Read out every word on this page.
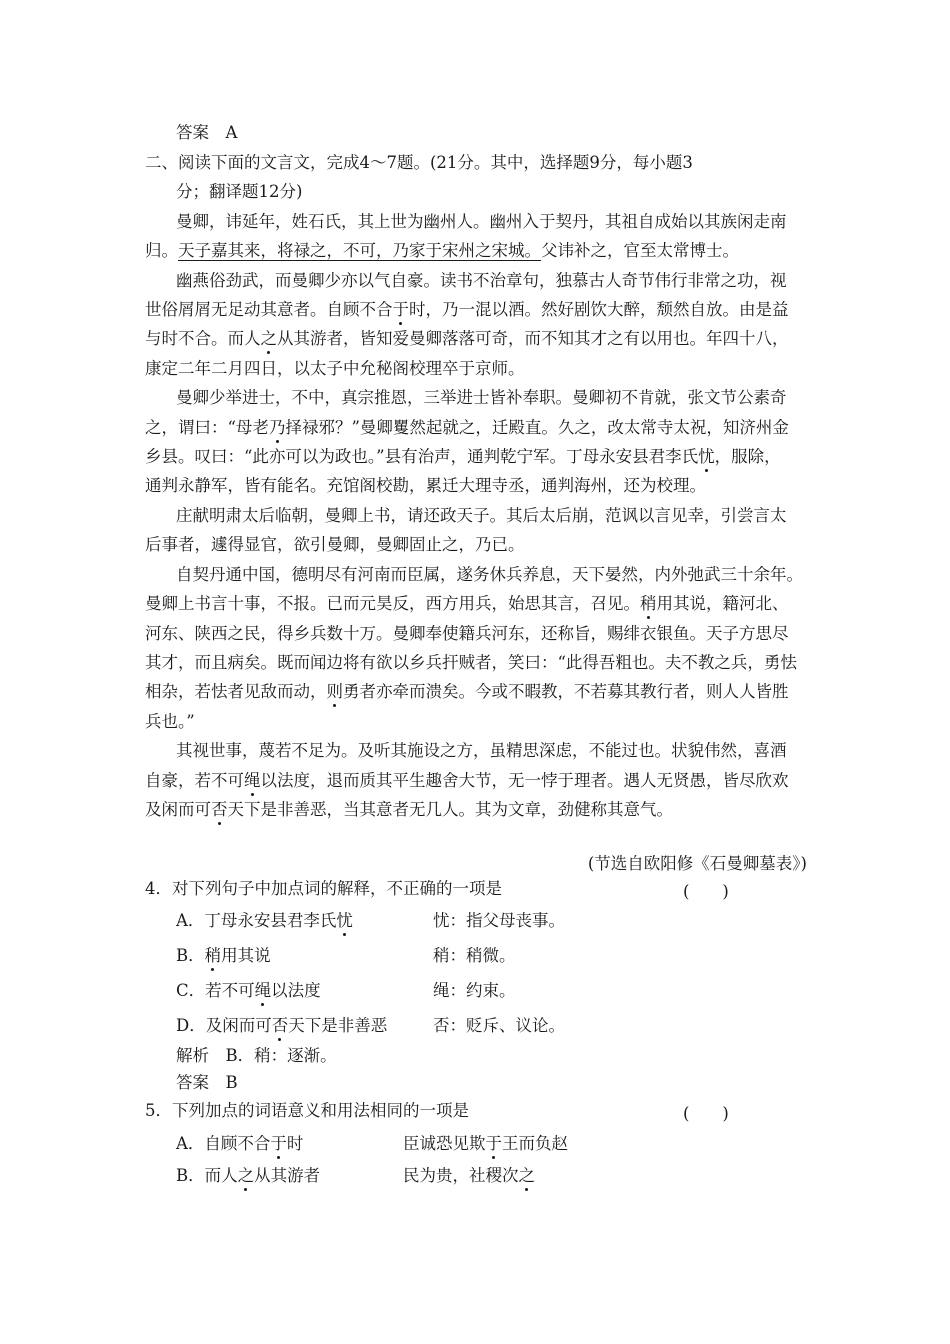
答案　A
二、阅读下面的文言文，完成4～7题。(21分。其中，选择题9分，每小题3
分；翻译题12分)
曼卿，讳延年，姓石氏，其上世为幽州人。幽州入于契丹，其祖自成始以其族闲走南
归。天子嘉其来，将禄之，不可，乃家于宋州之宋城。父讳补之，官至太常博士。
幽燕俗劲武，而曼卿少亦以气自豪。读书不治章句，独慕古人奇节伟行非常之功，视
世俗屑屑无足动其意者。自顾不合于时，乃一混以酒。然好剧饮大醉，颓然自放。由是益
与时不合。而人之从其游者，皆知爱曼卿落落可奇，而不知其才之有以用也。年四十八，
康定二年二月四日，以太子中允秘阁校理卒于京师。
曼卿少举进士，不中，真宗推恩，三举进士皆补奉职。曼卿初不肯就，张文节公素奇
之，谓曰：“母老乃择禄邪？”曼卿矍然起就之，迁殿直。久之，改太常寺太祝，知济州金
乡县。叹曰：“此亦可以为政也。”县有治声，通判乾宁军。丁母永安县君李氏忧，服除，
通判永静军，皆有能名。充馆阁校勘，累迁大理寺丞，通判海州，还为校理。
庄献明肃太后临朝，曼卿上书，请还政天子。其后太后崩，范讽以言见幸，引尝言太
后事者，遽得显官，欲引曼卿，曼卿固止之，乃已。
自契丹通中国，德明尽有河南而臣属，遂务休兵养息，天下晏然，内外弛武三十余年。
曼卿上书言十事，不报。已而元昊反，西方用兵，始思其言，召见。稍用其说，籍河北、
河东、陕西之民，得乡兵数十万。曼卿奉使籍兵河东，还称旨，赐绯衣银鱼。天子方思尽
其才，而且病矣。既而闻边将有欲以乡兵扞贼者，笑曰：“此得吾粗也。夫不教之兵，勇怯
相杂，若怯者见敌而动，则勇者亦牵而溃矣。今或不暇教，不若募其教行者，则人人皆胜
兵也。”
其视世事，蔑若不足为。及听其施设之方，虽精思深虑，不能过也。状貌伟然，喜酒
自豪，若不可绳以法度，退而质其平生趣舍大节，无一悖于理者。遇人无贤愚，皆尽欣欢
及闲而可否天下是非善恶，当其意者无几人。其为文章，劲健称其意气。
(节选自欧阳修《石曼卿墓表》)
4．对下列句子中加点词的解释，不正确的一项是	(　　)
A．丁母永安县君李氏忧	忧：指父母丧事。
B．稍用其说	稍：稍微。
C．若不可绳以法度	绳：约束。
D．及闲而可否天下是非善恶	否：贬斥、议论。
解析　B．稍：逐渐。
答案　B
5．下列加点的词语意义和用法相同的一项是	(　　)
A．自顾不合于时	臣诚恐见欺于王而负赵
B．而人之从其游者	民为贵，社稷次之
